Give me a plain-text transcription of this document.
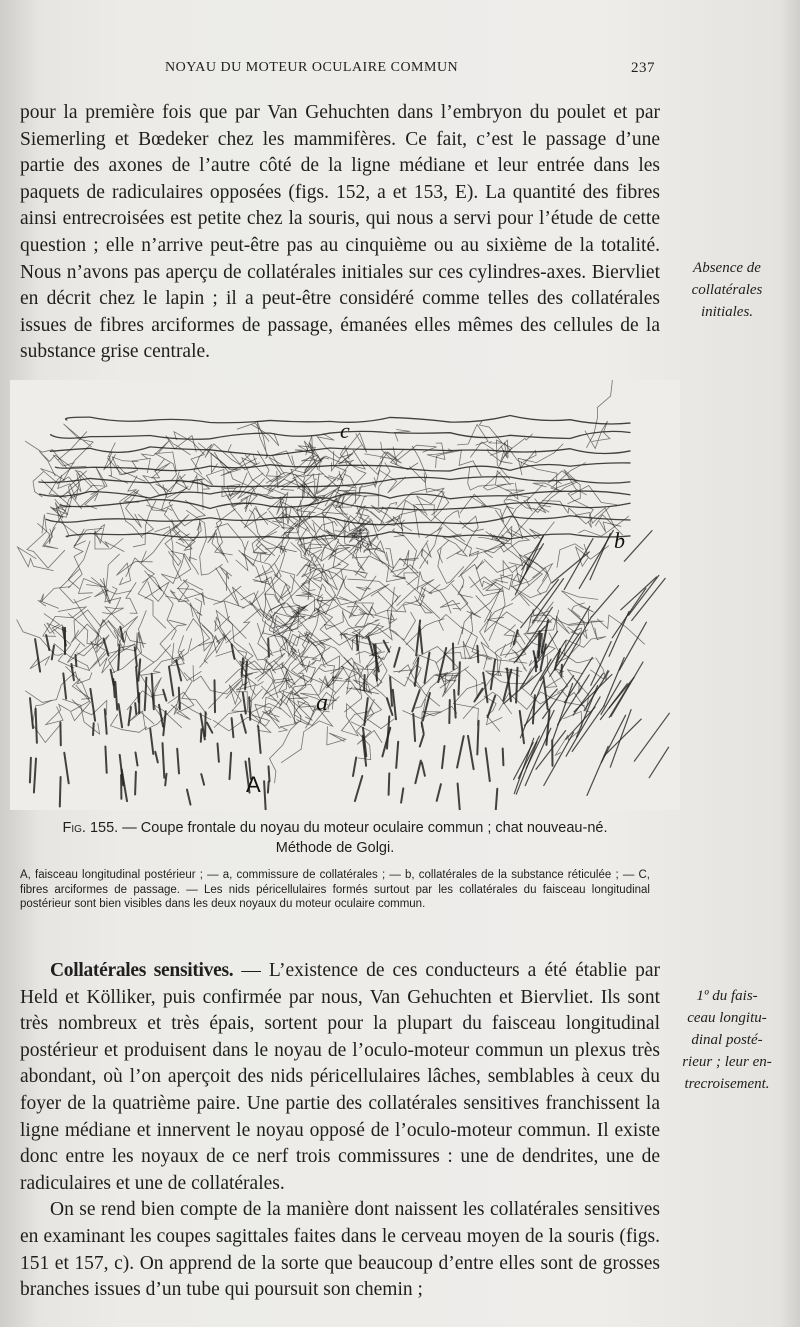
NOYAU DU MOTEUR OCULAIRE COMMUN	237

pour la première fois que par Van Gehuchten dans l’embryon du poulet et par Siemerling et Bœdeker chez les mammifères. Ce fait, c’est le passage d’une partie des axones de l’autre côté de la ligne médiane et leur entrée dans les paquets de radiculaires opposées (figs. 152, a et 153, E). La quantité des fibres ainsi entrecroisées est petite chez la souris, qui nous a servi pour l’étude de cette question ; elle n’arrive peut-être pas au cinquième ou au sixième de la totalité. Nous n’avons pas aperçu de collatérales initiales sur ces cylindres-axes. Biervliet en décrit chez le lapin ; il a peut-être considéré comme telles des collatérales issues de fibres arciformes de passage, émanées elles mêmes des cellules de la substance grise centrale.

Absence de collatérales initiales.
c
b
a
A
Fig. 155. — Coupe frontale du noyau du moteur oculaire commun ; chat nouveau-né.
Méthode de Golgi.
A, faisceau longitudinal postérieur ; — a, commissure de collatérales ; — b, collatérales de la substance réticulée ; — C, fibres arciformes de passage. — Les nids péricellulaires formés surtout par les collatérales du faisceau longitudinal postérieur sont bien visibles dans les deux noyaux du moteur oculaire commun.

Collatérales sensitives. — L’existence de ces conducteurs a été établie par Held et Kölliker, puis confirmée par nous, Van Gehuchten et Biervliet. Ils sont très nombreux et très épais, sortent pour la plupart du faisceau longitudinal postérieur et produisent dans le noyau de l’oculo-moteur commun un plexus très abondant, où l’on aperçoit des nids péricellulaires lâches, semblables à ceux du foyer de la quatrième paire. Une partie des collatérales sensitives franchissent la ligne médiane et innervent le noyau opposé de l’oculo-moteur commun. Il existe donc entre les noyaux de ce nerf trois commissures : une de dendrites, une de radiculaires et une de collatérales.

On se rend bien compte de la manière dont naissent les collatérales sensitives en examinant les coupes sagittales faites dans le cerveau moyen de la souris (figs. 151 et 157, c). On apprend de la sorte que beaucoup d’entre elles sont de grosses branches issues d’un tube qui poursuit son chemin ;

1º du fais-
ceau longitu-
dinal posté-
rieur ; leur en-
trecroisement.
